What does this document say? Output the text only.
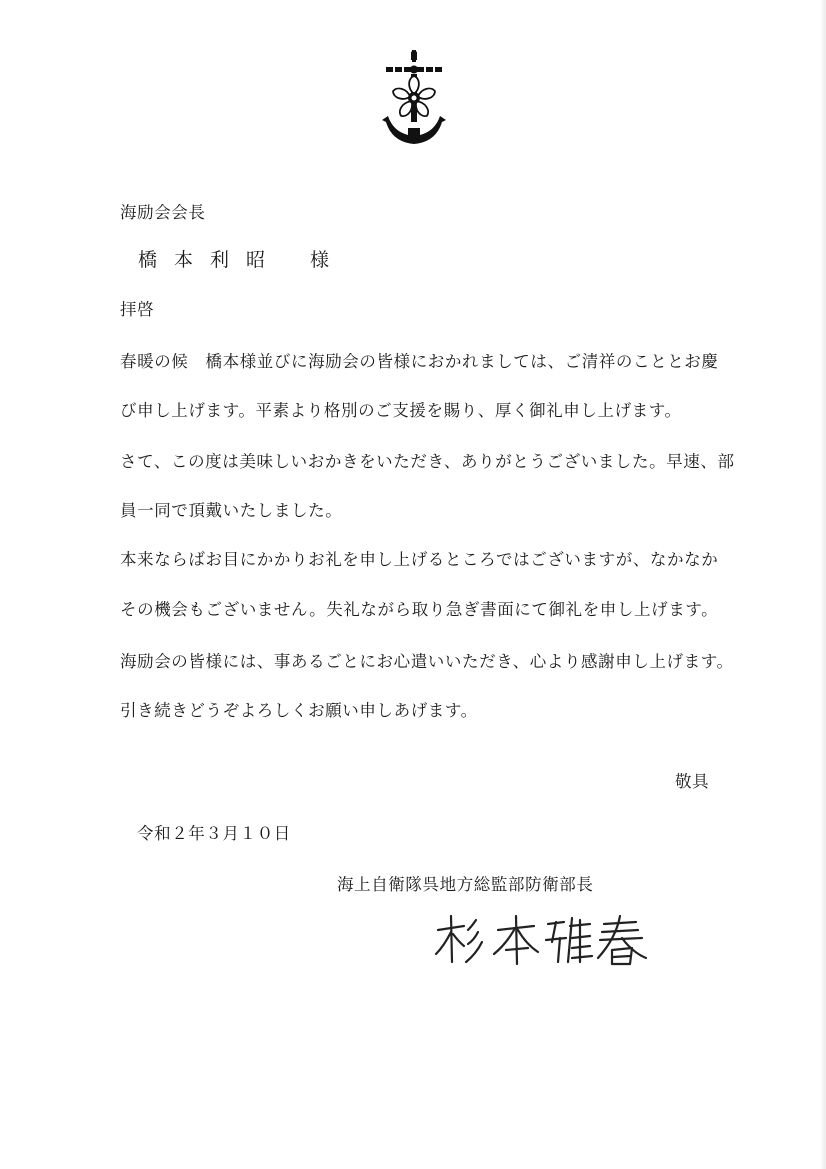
海励会会長
橋本利昭 様
拝啓
春暖の候　橋本様並びに海励会の皆様におかれましては、ご清祥のこととお慶
び申し上げます。平素より格別のご支援を賜り、厚く御礼申し上げます。
さて、この度は美味しいおかきをいただき、ありがとうございました。早速、部
員一同で頂戴いたしました。
本来ならばお目にかかりお礼を申し上げるところではございますが、なかなか
その機会もございません。失礼ながら取り急ぎ書面にて御礼を申し上げます。
海励会の皆様には、事あるごとにお心遣いいただき、心より感謝申し上げます。
引き続きどうぞよろしくお願い申しあげます。
敬具
令和２年３月１０日
海上自衛隊呉地方総監部防衛部長
